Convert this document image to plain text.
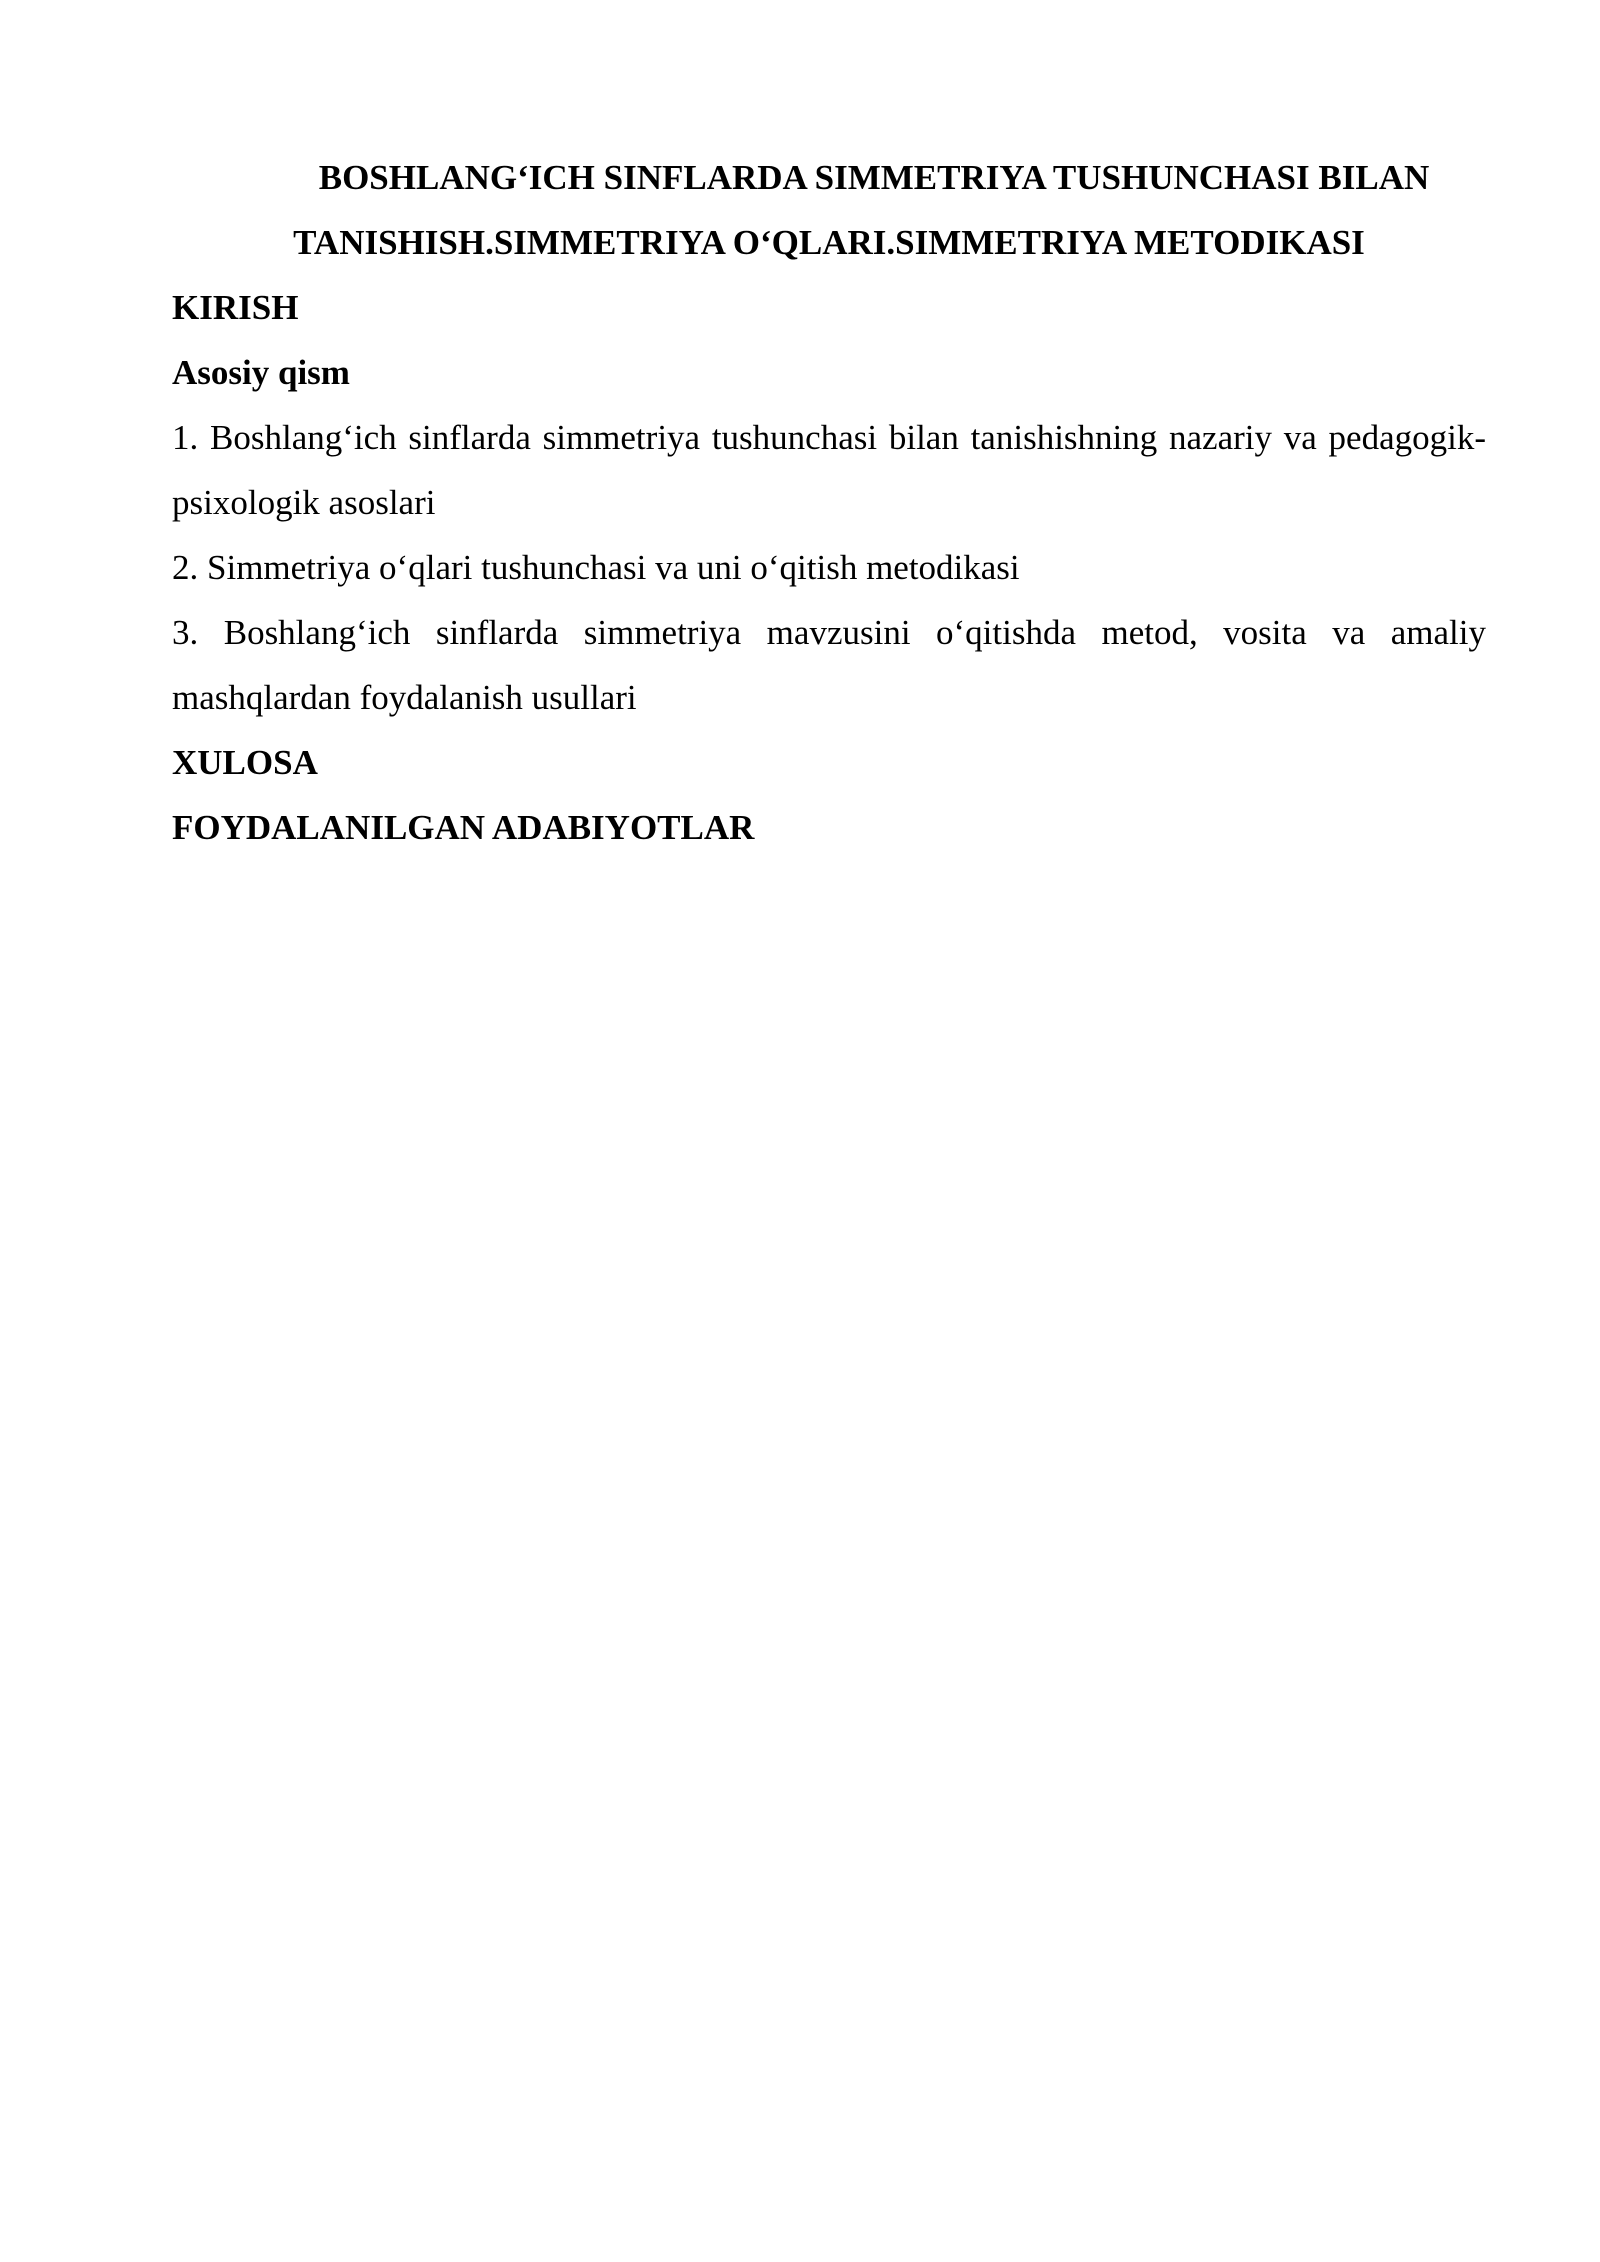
BOSHLANG‘ICH SINFLARDA SIMMETRIYA TUSHUNCHASI BILAN
TANISHISH.SIMMETRIYA O‘QLARI.SIMMETRIYA METODIKASI

KIRISH

Asosiy qism

1. Boshlang‘ich sinflarda simmetriya tushunchasi bilan tanishishning nazariy va pedagogik-psixologik asoslari

2. Simmetriya o‘qlari tushunchasi va uni o‘qitish metodikasi

3. Boshlang‘ich sinflarda simmetriya mavzusini o‘qitishda metod, vosita va amaliy mashqlardan foydalanish usullari

XULOSA

FOYDALANILGAN ADABIYOTLAR
